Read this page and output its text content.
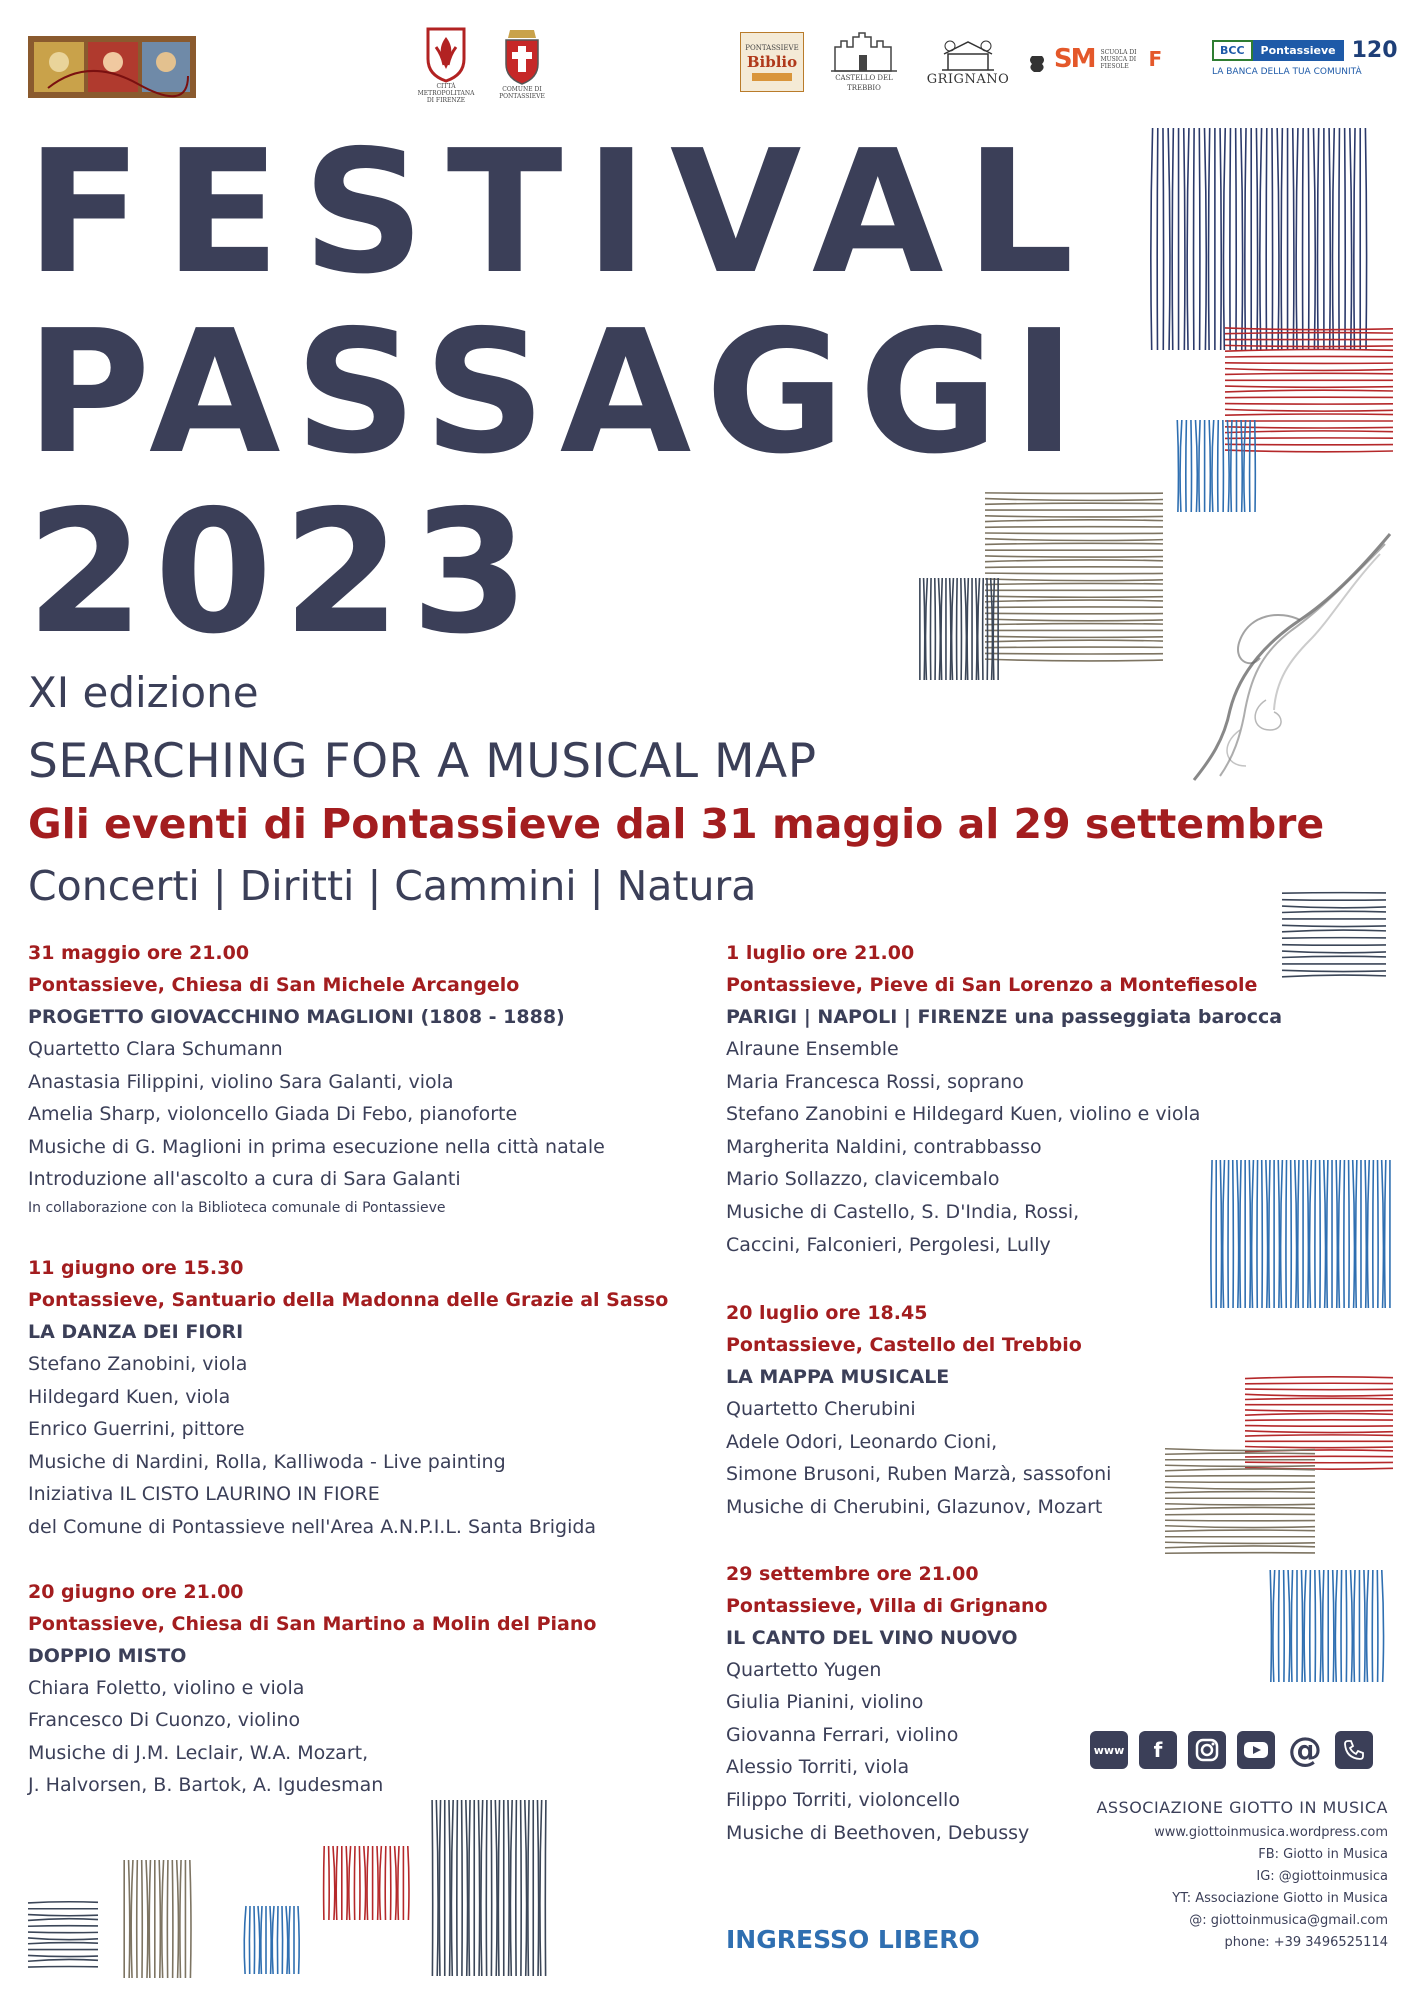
CITTÀ METROPOLITANA DI FIRENZE
COMUNE DI PONTASSIEVE
PONTASSIEVE
Biblio
CASTELLO DEL TREBBIO
GRIGNANO
SM SCUOLA DI MUSICA DI FIESOLE F	BCC	Pontassieve 120
LA BANCA DELLA TUA COMUNITÀ
FESTIVAL
PASSAGGI
2023
XI edizione
SEARCHING FOR A MUSICAL MAP
Gli eventi di Pontassieve dal 31 maggio al 29 settembre
Concerti | Diritti | Cammini | Natura
31 maggio ore 21.00
Pontassieve, Chiesa di San Michele Arcangelo
PROGETTO GIOVACCHINO MAGLIONI (1808 - 1888)
Quartetto Clara Schumann
Anastasia Filippini, violino Sara Galanti, viola
Amelia Sharp, violoncello Giada Di Febo, pianoforte
Musiche di G. Maglioni in prima esecuzione nella città natale
Introduzione all'ascolto a cura di Sara Galanti
In collaborazione con la Biblioteca comunale di Pontassieve
11 giugno ore 15.30
Pontassieve, Santuario della Madonna delle Grazie al Sasso
LA DANZA DEI FIORI
Stefano Zanobini, viola
Hildegard Kuen, viola
Enrico Guerrini, pittore
Musiche di Nardini, Rolla, Kalliwoda - Live painting
Iniziativa IL CISTO LAURINO IN FIORE
del Comune di Pontassieve nell'Area A.N.P.I.L. Santa Brigida
20 giugno ore 21.00
Pontassieve, Chiesa di San Martino a Molin del Piano
DOPPIO MISTO
Chiara Foletto, violino e viola
Francesco Di Cuonzo, violino
Musiche di J.M. Leclair, W.A. Mozart,
J. Halvorsen, B. Bartok, A. Igudesman
1 luglio ore 21.00
Pontassieve, Pieve di San Lorenzo a Montefiesole
PARIGI | NAPOLI | FIRENZE una passeggiata barocca
Alraune Ensemble
Maria Francesca Rossi, soprano
Stefano Zanobini e Hildegard Kuen, violino e viola
Margherita Naldini, contrabbasso
Mario Sollazzo, clavicembalo
Musiche di Castello, S. D'India, Rossi,
Caccini, Falconieri, Pergolesi, Lully
20 luglio ore 18.45
Pontassieve, Castello del Trebbio
LA MAPPA MUSICALE
Quartetto Cherubini
Adele Odori, Leonardo Cioni,
Simone Brusoni, Ruben Marzà, sassofoni
Musiche di Cherubini, Glazunov, Mozart
29 settembre ore 21.00
Pontassieve, Villa di Grignano
IL CANTO DEL VINO NUOVO
Quartetto Yugen
Giulia Pianini, violino
Giovanna Ferrari, violino
Alessio Torriti, viola
Filippo Torriti, violoncello
Musiche di Beethoven, Debussy
INGRESSO LIBERO
www	f	@
ASSOCIAZIONE GIOTTO IN MUSICA
www.giottoinmusica.wordpress.com
FB: Giotto in Musica
IG: @giottoinmusica
YT: Associazione Giotto in Musica
@: giottoinmusica@gmail.com
phone: +39 3496525114
